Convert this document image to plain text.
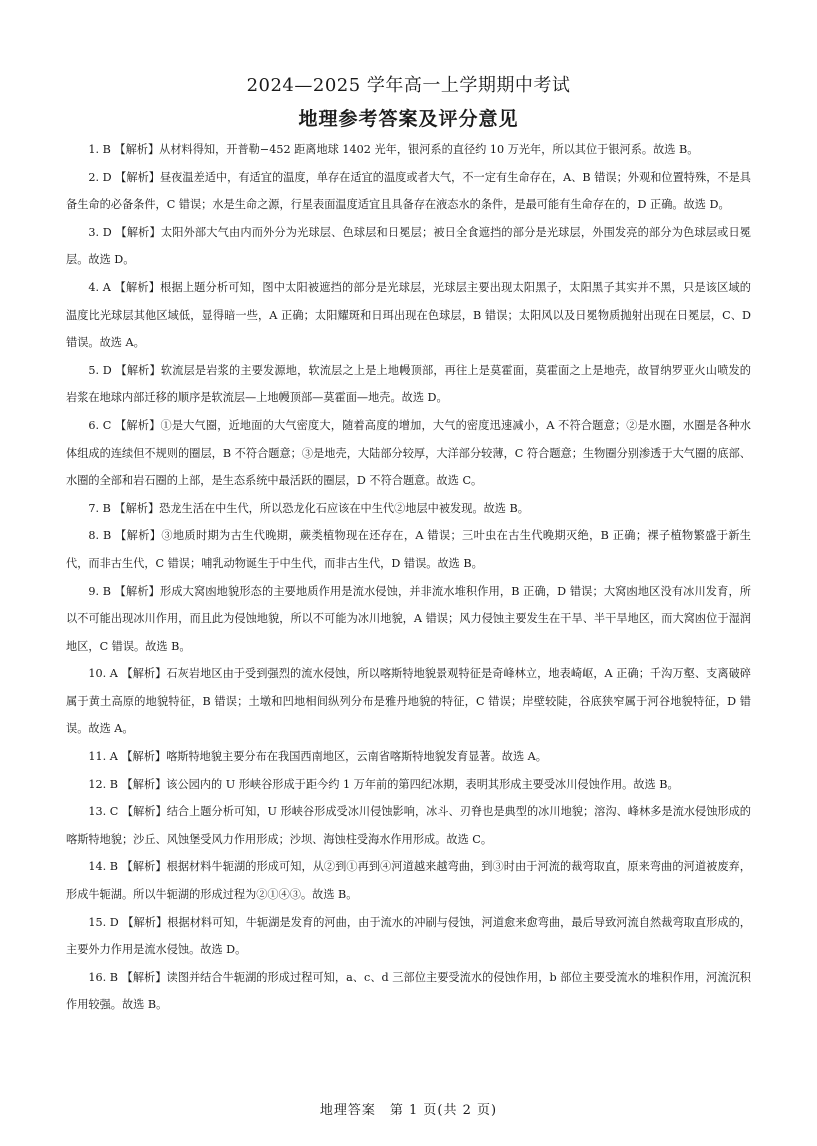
2024—2025 学年高一上学期期中考试
地理参考答案及评分意见

1. B 【解析】从材料得知，开普勒−452 距离地球 1402 光年，银河系的直径约 10 万光年，所以其位于银河系。故选 B。

2. D 【解析】昼夜温差适中，有适宜的温度，单存在适宜的温度或者大气，不一定有生命存在，A、B 错误；外观和位置特殊，不是具备生命的必备条件，C 错误；水是生命之源，行星表面温度适宜且具备存在液态水的条件，是最可能有生命存在的，D 正确。故选 D。

3. D 【解析】太阳外部大气由内而外分为光球层、色球层和日冕层；被日全食遮挡的部分是光球层，外围发亮的部分为色球层或日冕层。故选 D。

4. A 【解析】根据上题分析可知，图中太阳被遮挡的部分是光球层，光球层主要出现太阳黑子，太阳黑子其实并不黑，只是该区域的温度比光球层其他区域低，显得暗一些，A 正确；太阳耀斑和日珥出现在色球层，B 错误；太阳风以及日冕物质抛射出现在日冕层，C、D 错误。故选 A。

5. D 【解析】软流层是岩浆的主要发源地，软流层之上是上地幔顶部，再往上是莫霍面，莫霍面之上是地壳，故冒纳罗亚火山喷发的岩浆在地球内部迁移的顺序是软流层—上地幔顶部—莫霍面—地壳。故选 D。

6. C 【解析】①是大气圈，近地面的大气密度大，随着高度的增加，大气的密度迅速减小，A 不符合题意；②是水圈，水圈是各种水体组成的连续但不规则的圈层，B 不符合题意；③是地壳，大陆部分较厚，大洋部分较薄，C 符合题意；生物圈分别渗透于大气圈的底部、水圈的全部和岩石圈的上部，是生态系统中最活跃的圈层，D 不符合题意。故选 C。

7. B 【解析】恐龙生活在中生代，所以恐龙化石应该在中生代②地层中被发现。故选 B。

8. B 【解析】③地质时期为古生代晚期，蕨类植物现在还存在，A 错误；三叶虫在古生代晚期灭绝，B 正确；裸子植物繁盛于新生代，而非古生代，C 错误；哺乳动物诞生于中生代，而非古生代，D 错误。故选 B。

9. B 【解析】形成大窝凼地貌形态的主要地质作用是流水侵蚀，并非流水堆积作用，B 正确，D 错误；大窝凼地区没有冰川发育，所以不可能出现冰川作用，而且此为侵蚀地貌，所以不可能为冰川地貌，A 错误；风力侵蚀主要发生在干旱、半干旱地区，而大窝凼位于湿润地区，C 错误。故选 B。

10. A 【解析】石灰岩地区由于受到强烈的流水侵蚀，所以喀斯特地貌景观特征是奇峰林立，地表崎岖，A 正确；千沟万壑、支离破碎属于黄土高原的地貌特征，B 错误；土墩和凹地相间纵列分布是雅丹地貌的特征，C 错误；岸壁较陡，谷底狭窄属于河谷地貌特征，D 错误。故选 A。

11. A 【解析】喀斯特地貌主要分布在我国西南地区，云南省喀斯特地貌发育显著。故选 A。

12. B 【解析】该公园内的 U 形峡谷形成于距今约 1 万年前的第四纪冰期，表明其形成主要受冰川侵蚀作用。故选 B。

13. C 【解析】结合上题分析可知，U 形峡谷形成受冰川侵蚀影响，冰斗、刃脊也是典型的冰川地貌；溶沟、峰林多是流水侵蚀形成的喀斯特地貌；沙丘、风蚀堡受风力作用形成；沙坝、海蚀柱受海水作用形成。故选 C。

14. B 【解析】根据材料牛轭湖的形成可知，从②到①再到④河道越来越弯曲，到③时由于河流的裁弯取直，原来弯曲的河道被废弃，形成牛轭湖。所以牛轭湖的形成过程为②①④③。故选 B。

15. D 【解析】根据材料可知，牛轭湖是发育的河曲，由于流水的冲刷与侵蚀，河道愈来愈弯曲，最后导致河流自然裁弯取直形成的，主要外力作用是流水侵蚀。故选 D。

16. B 【解析】读图并结合牛轭湖的形成过程可知，a、c、d 三部位主要受流水的侵蚀作用，b 部位主要受流水的堆积作用，河流沉积作用较强。故选 B。

地理答案　第 1 页(共 2 页)
